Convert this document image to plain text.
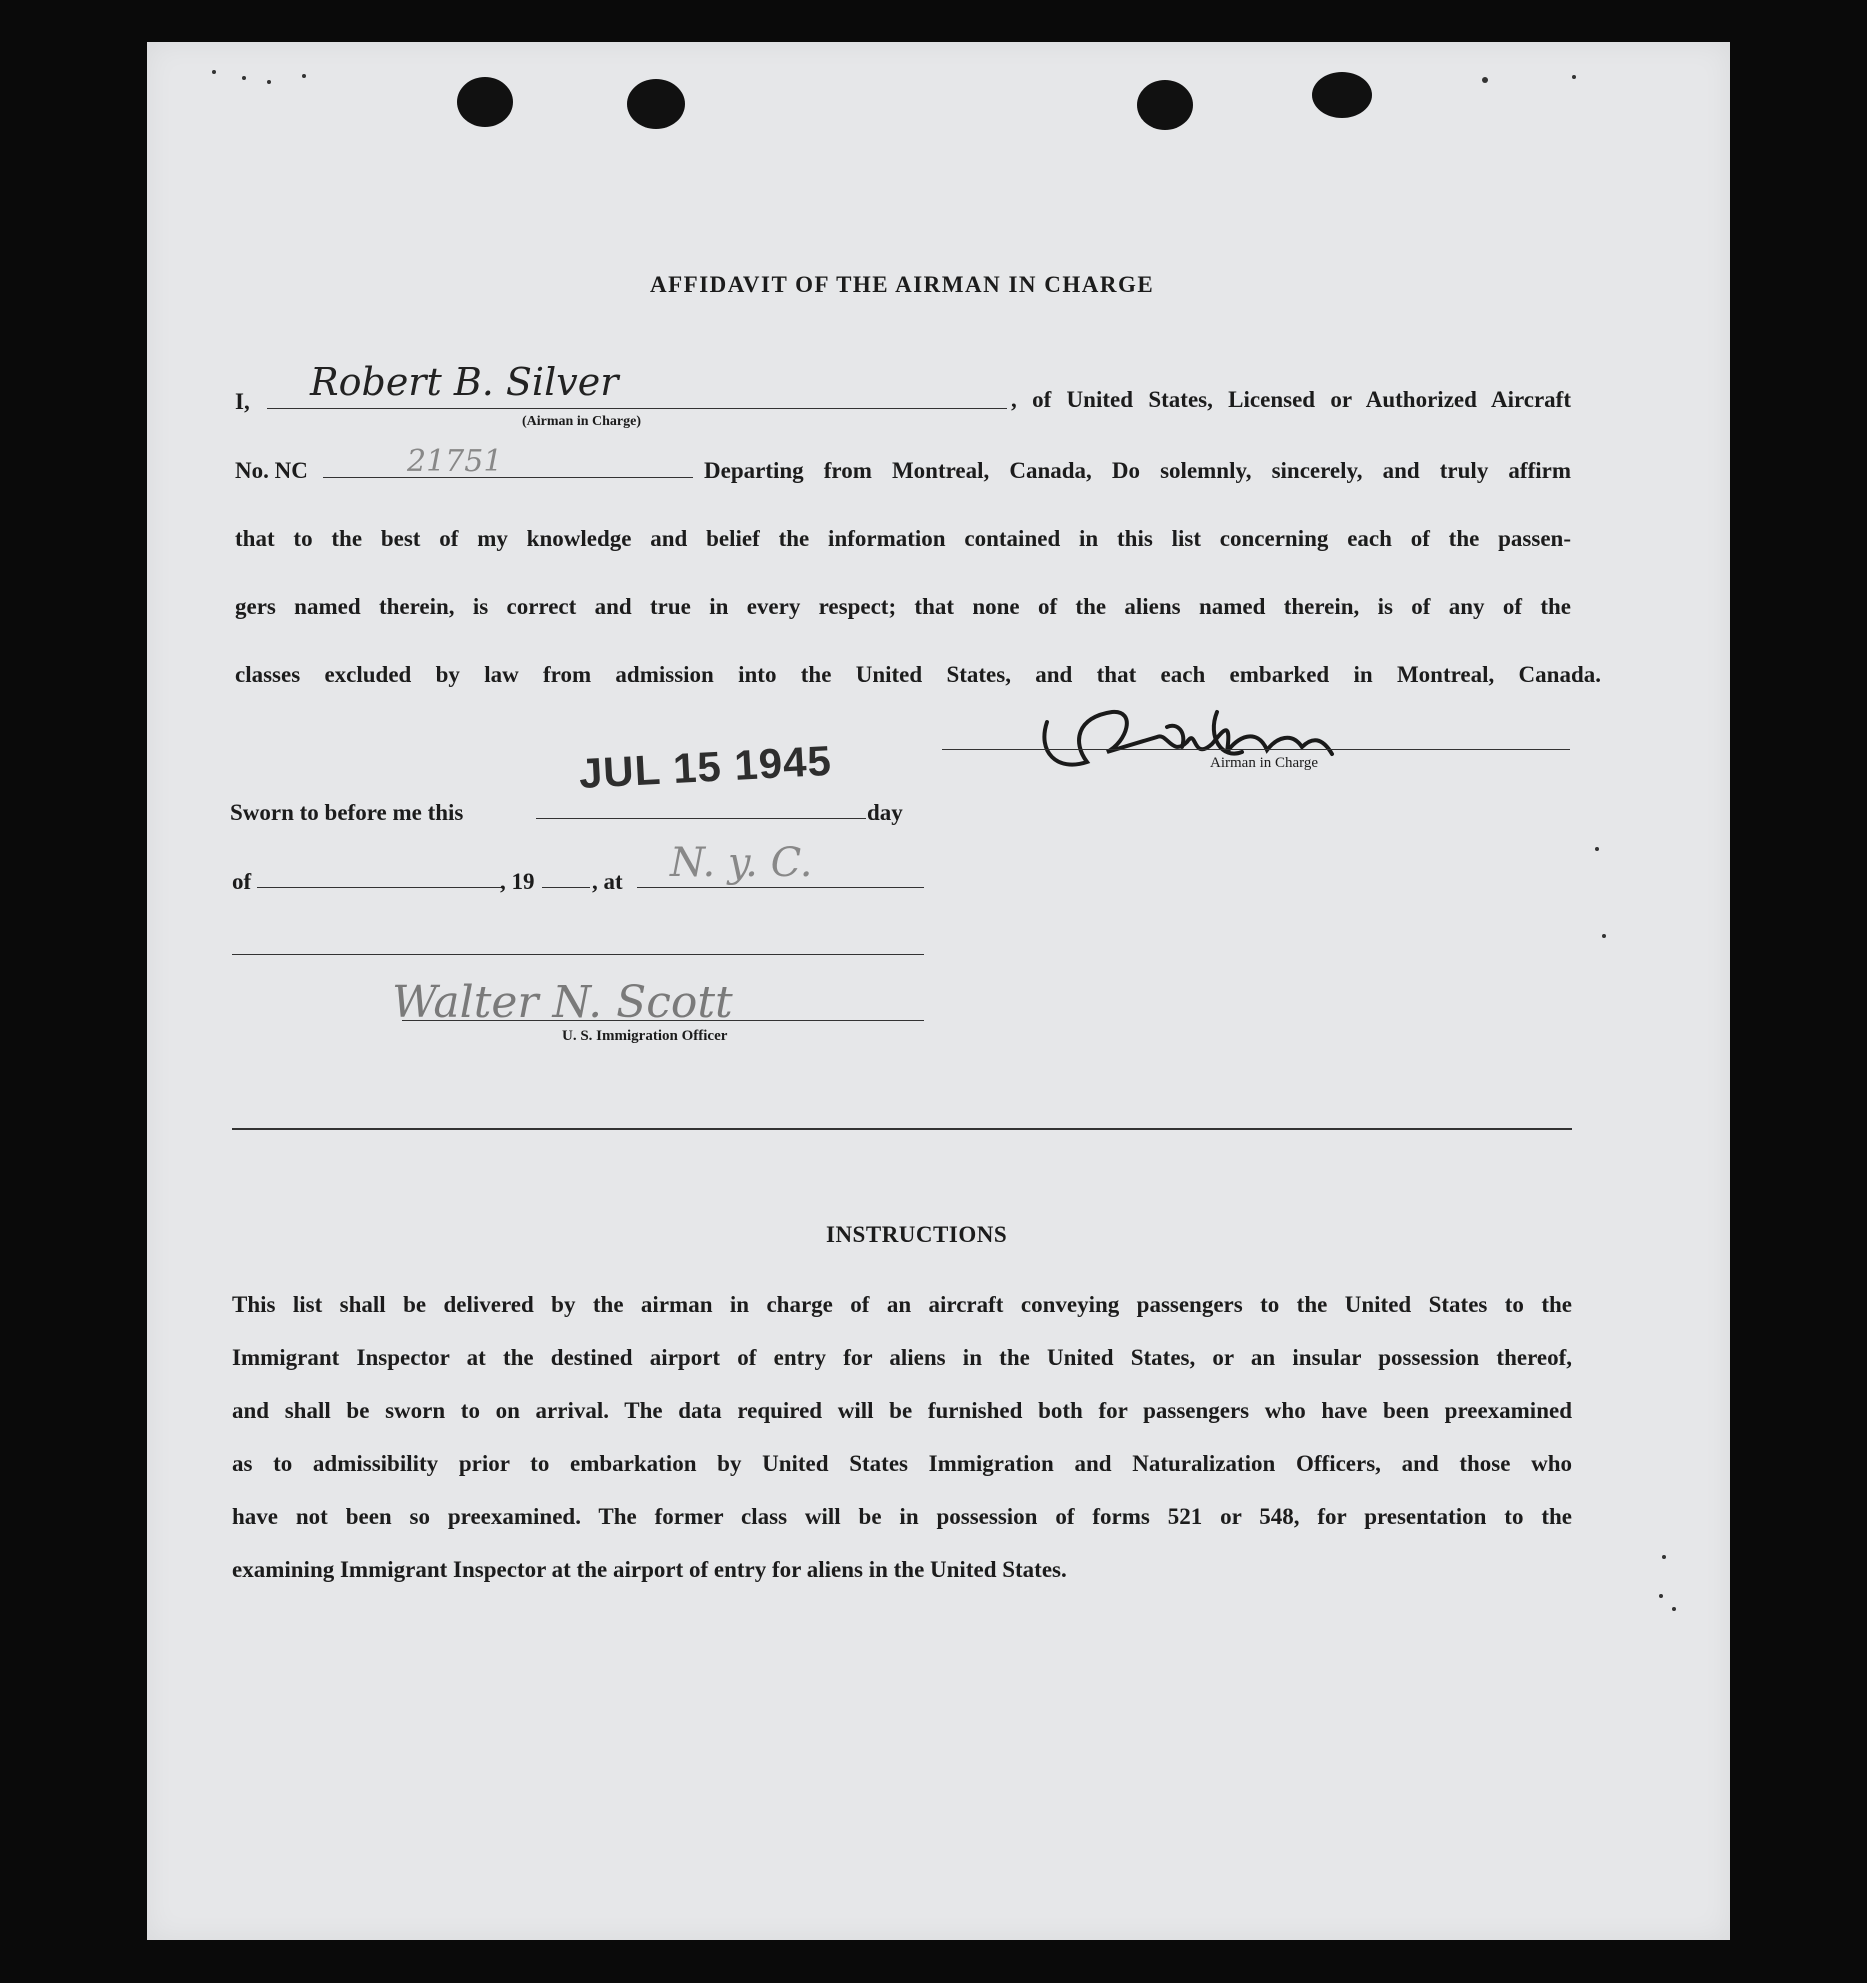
AFFIDAVIT OF THE AIRMAN IN CHARGE
I, Robert B. Silver
(Airman in Charge)
, of United States, Licensed or Authorized Aircraft
No. NC	21751	Departing from Montreal, Canada, Do solemnly, sincerely, and truly affirm
that to the best of my knowledge and belief the information contained in this list concerning each of the passen-
gers named therein, is correct and true in every respect; that none of the aliens named therein, is of any of the
classes excluded by law from admission into the United States, and that each embarked in Montreal, Canada.
Airman in Charge
JUL 15 1945
Sworn to before me this	day
of	, 19	, at N. y. C.
Walter N. Scott
U. S. Immigration Officer
INSTRUCTIONS
This list shall be delivered by the airman in charge of an aircraft conveying passengers to the United States to the
Immigrant Inspector at the destined airport of entry for aliens in the United States, or an insular possession thereof,
and shall be sworn to on arrival. The data required will be furnished both for passengers who have been preexamined
as to admissibility prior to embarkation by United States Immigration and Naturalization Officers, and those who
have not been so preexamined. The former class will be in possession of forms 521 or 548, for presentation to the
examining Immigrant Inspector at the airport of entry for aliens in the United States.
